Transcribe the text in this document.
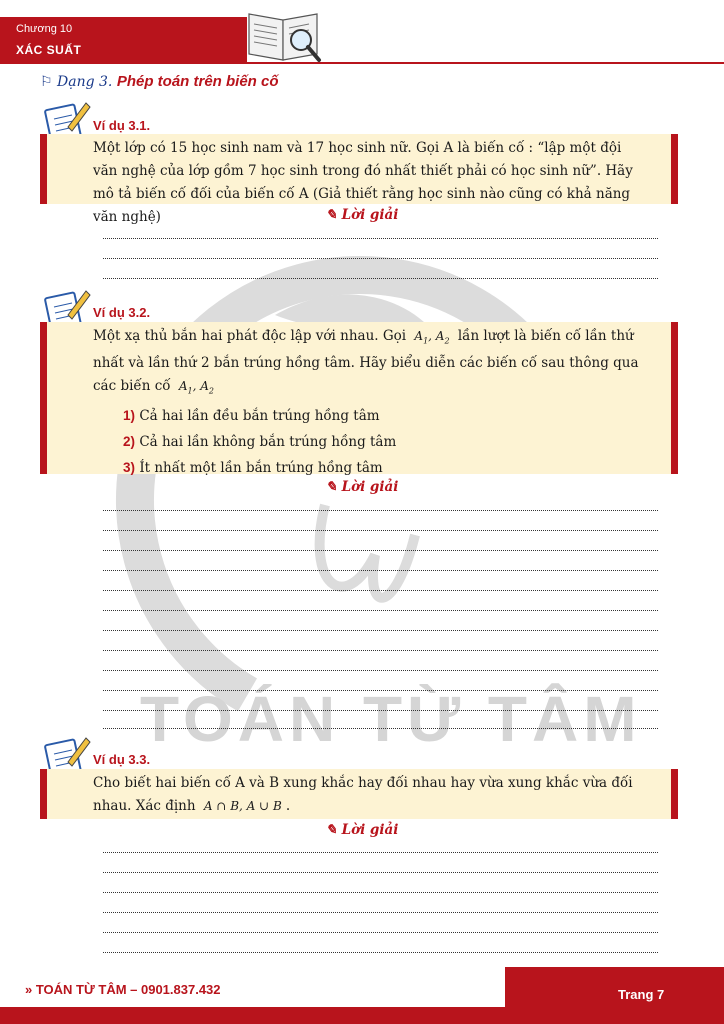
Chương 10
XÁC SUẤT
TOÁN TỪ TÂM
⚐ Dạng 3. Phép toán trên biến cố
Ví dụ 3.1.

Một lớp có 15 học sinh nam và 17 học sinh nữ. Gọi A là biến cố : “lập một đội văn nghệ của lớp gồm 7 học sinh trong đó nhất thiết phải có học sinh nữ”. Hãy mô tả biến cố đối của biến cố A (Giả thiết rằng học sinh nào cũng có khả năng văn nghệ)	✎ Lời giải
Ví dụ 3.2.

Một xạ thủ bắn hai phát độc lập với nhau. Gọi $A_1$, $A_2$ lần lượt là biến cố lần thứ nhất và lần thứ 2 bắn trúng hồng tâm. Hãy biểu diễn các biến cố sau thông qua các biến cố $A_1$, $A_2$

1) Cả hai lần đều bắn trúng hồng tâm
2) Cả hai lần không bắn trúng hồng tâm
3) Ít nhất một lần bắn trúng hồng tâm
✎ Lời giải
Ví dụ 3.3.

Cho biết hai biến cố A và B xung khắc hay đối nhau hay vừa xung khắc vừa đối nhau. Xác định A ∩ B, A ∪ B .

✎ Lời giải
» TOÁN TỪ TÂM – 0901.837.432	Trang 7
